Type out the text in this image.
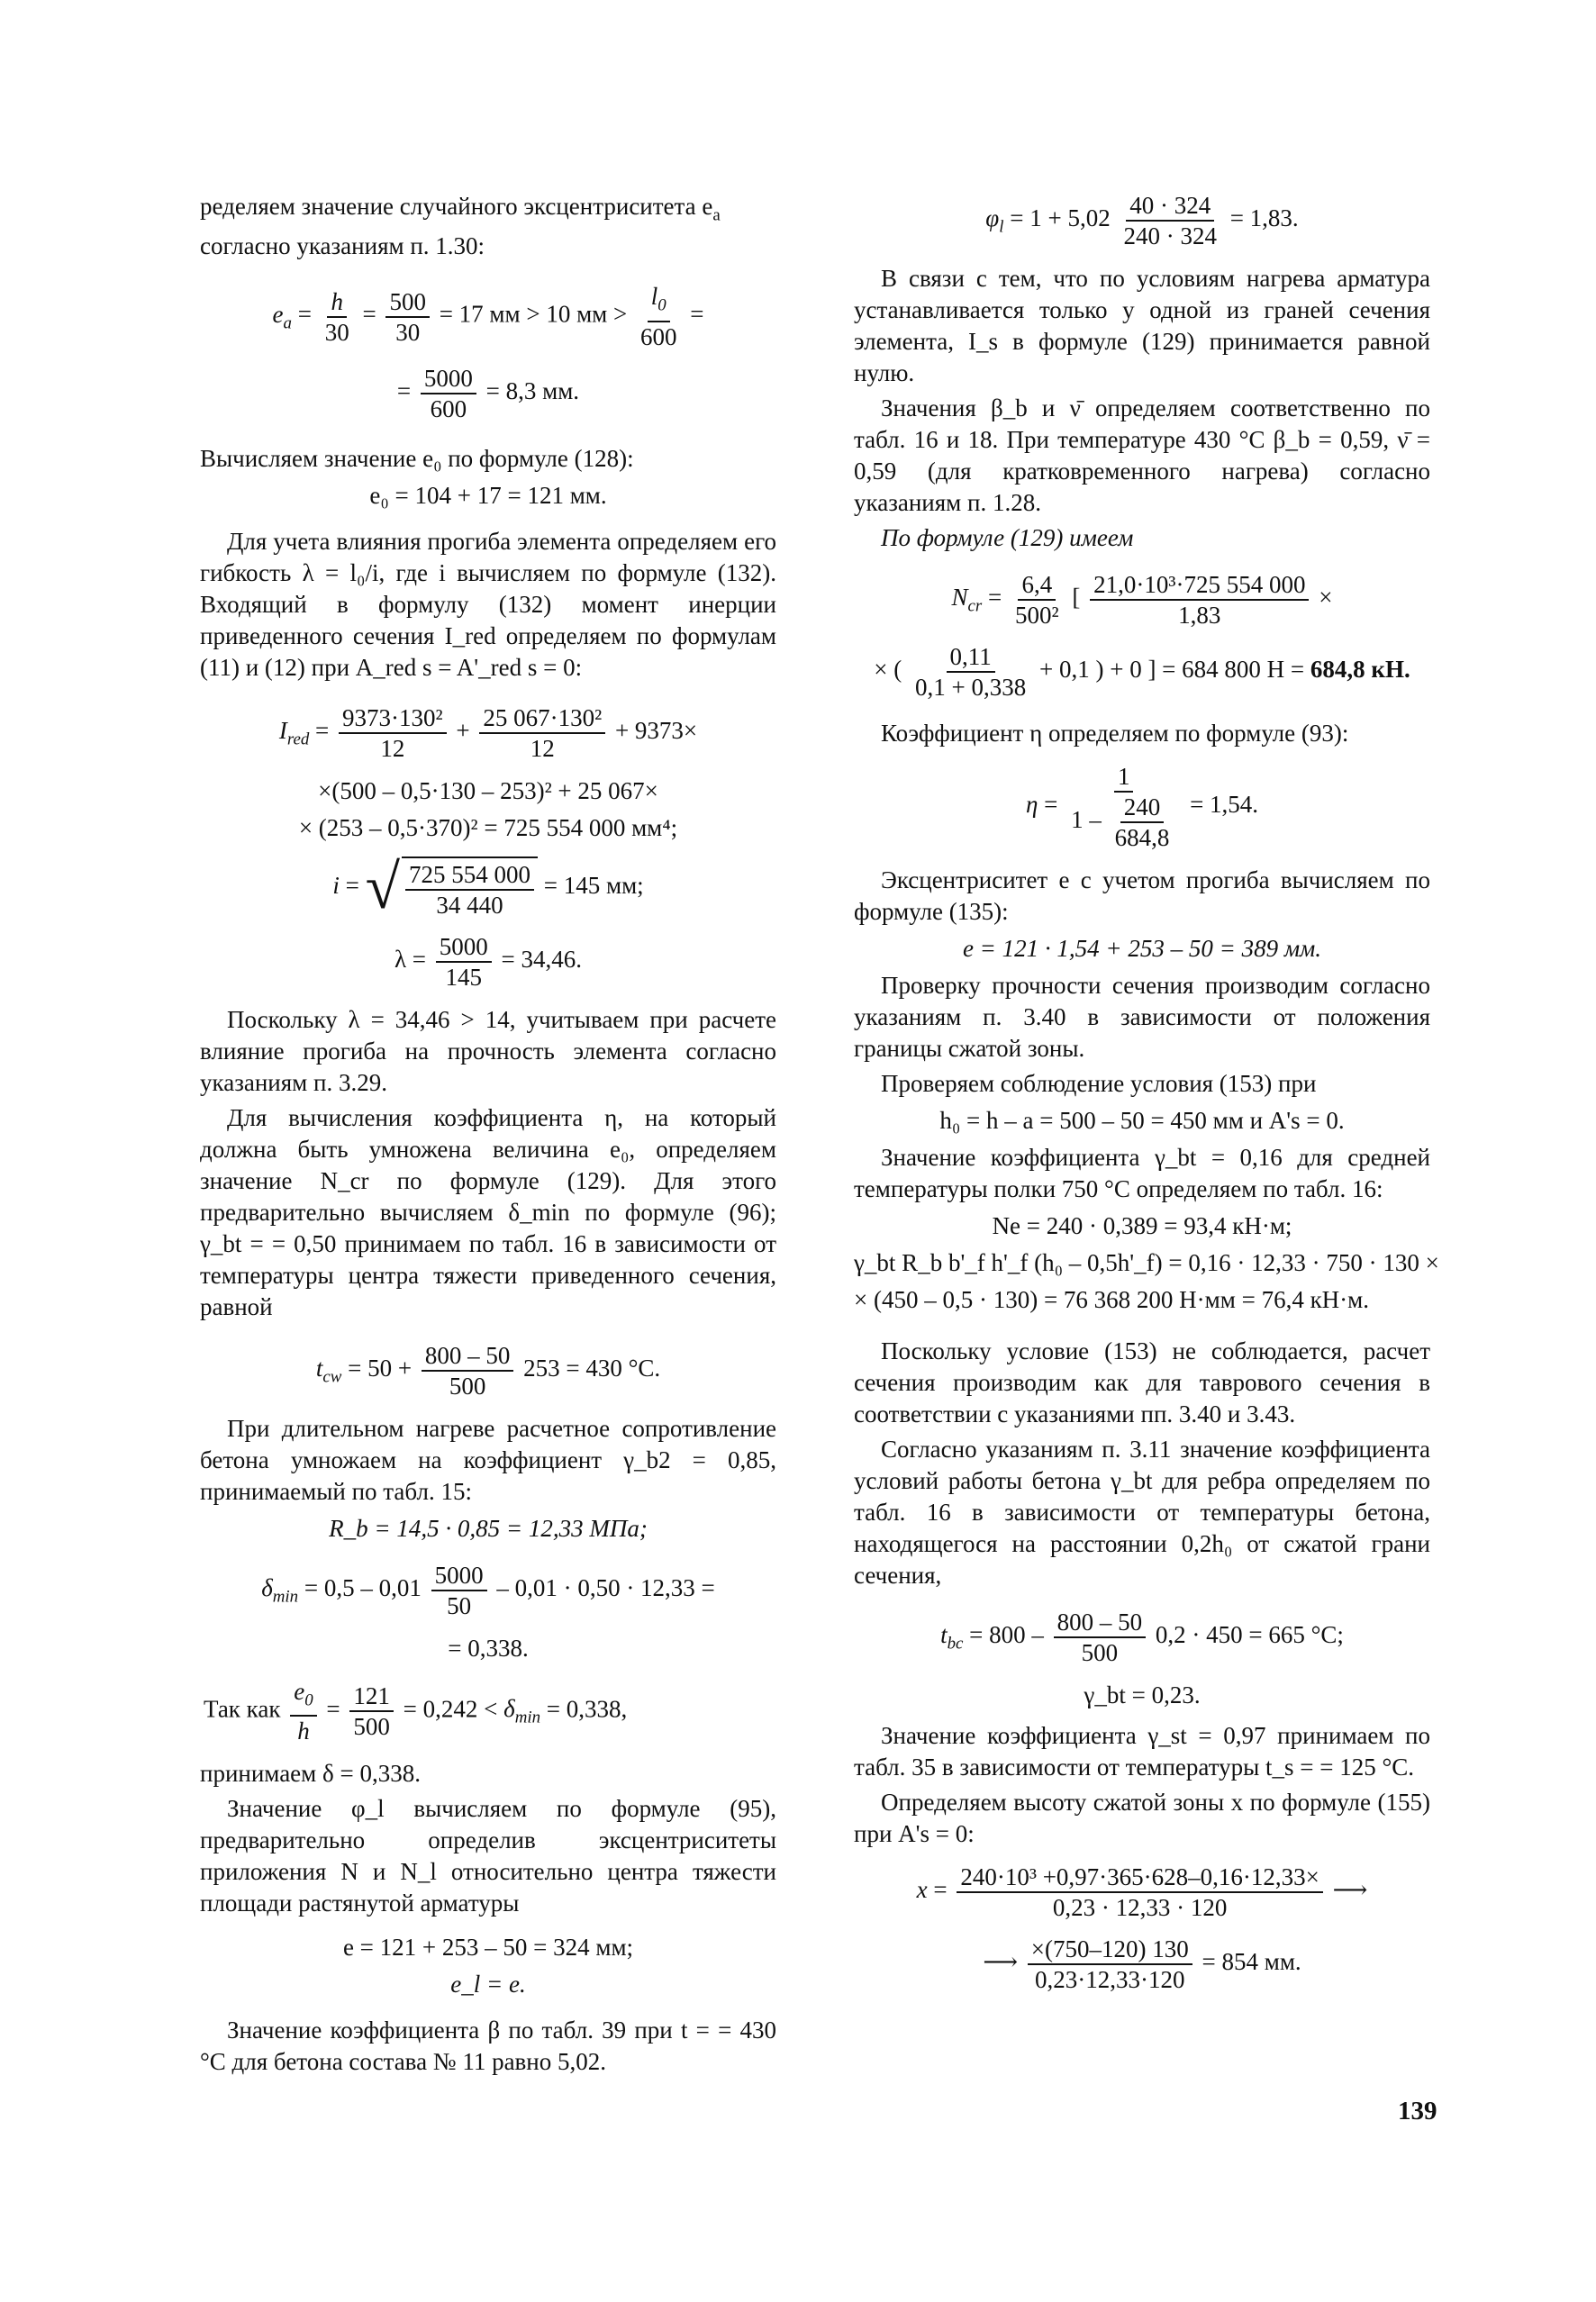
ределяем значение случайного эксцентриситета $e_a$
согласно указаниям п. 1.30:

$e_a = \frac{h}{30} = \frac{500}{30} = 17$ мм > 10 мм > $\frac{l_0}{600}$ =
= $\frac{5000}{600} = 8,3$ мм.

Вычисляем значение e₀ по формуле (128):

e₀ = 104 + 17 = 121 мм.

Для учета влияния прогиба элемента определяем его гибкость λ = l₀/i, где i вычисляем по формуле (132). Входящий в формулу (132) момент инерции приведенного сечения I_red определяем по формулам (11) и (12) при A_red s = A'_red s = 0:

$I_{red} = \frac{\text{9373·130²}}{12} + \frac{\text{25 067·130²}}{12} + 9373\times$
×(500 – 0,5·130 – 253)² + 25 067×
× (253 – 0,5·370)² = 725 554 000 мм⁴;
i = √ $\frac{725 554 000}{34 440} = 145$ мм;
$\lambda = \frac{5000}{145} = 34,46$.

Поскольку λ = 34,46 > 14, учитываем при расчете влияние прогиба на прочность элемента согласно указаниям п. 3.29.

Для вычисления коэффициента η, на который должна быть умножена величина e₀, определяем значение N_cr по формуле (129). Для этого предварительно вычисляем δ_min по формуле (96); γ_bt = = 0,50 принимаем по табл. 16 в зависимости от температуры центра тяжести приведенного сечения, равной

$t_{cw} = 50 + \frac{800 - 50}{500} 253 = 430$ °С.

При длительном нагреве расчетное сопротивление бетона умножаем на коэффициент γ_b2 = 0,85, принимаемый по табл. 15:

R_b = 14,5 · 0,85 = 12,33 МПа;
$\delta_{min} = 0,5 - 0,01 \frac{5000}{50} - 0,01 \cdot 0,50 \cdot 12,33$ =
= 0,338.
Так как $\frac{e_0}{h} = \frac{121}{500} = 0,242 < \delta_{min} = 0,338$,

принимаем δ = 0,338.

Значение φ_l вычисляем по формуле (95), предварительно определив эксцентриситеты приложения N и N_l относительно центра тяжести площади растянутой арматуры

e = 121 + 253 – 50 = 324 мм;
e_l = e.

Значение коэффициента β по табл. 39 при t = = 430 °С для бетона состава № 11 равно 5,02.

$\varphi_l = 1 + 5,02 \frac{40 \cdot 324}{240 \cdot 324} = 1,83$.

В связи с тем, что по условиям нагрева арматура устанавливается только у одной из граней сечения элемента, I_s в формуле (129) принимается равной нулю.

Значения β_b и ν̄ определяем соответственно по табл. 16 и 18. При температуре 430 °С β_b = 0,59, ν̄ = 0,59 (для кратковременного нагрева) согласно указаниям п. 1.28.

По формуле (129) имеем

$N_{cr} = \frac{6,4}{\text{500²}}$ [ $\frac{\text{21,0·10³·725 554 000}}{1,83}$ ×
× ( $\frac{0,11}{0,1 + 0,338} + 0,1$ ) + 0 ] = 684 800 Н = 684,8 кН.

Коэффициент η определяем по формуле (93):

$\eta = \frac{1}{1 - \frac{240}{684,8}} = 1,54$.

Эксцентриситет e с учетом прогиба вычисляем по формуле (135):

e = 121 · 1,54 + 253 – 50 = 389 мм.

Проверку прочности сечения производим согласно указаниям п. 3.40 в зависимости от положения границы сжатой зоны.

Проверяем соблюдение условия (153) при

h₀ = h – a = 500 – 50 = 450 мм и A's = 0.

Значение коэффициента γ_bt = 0,16 для средней температуры полки 750 °С определяем по табл. 16:

Ne = 240 · 0,389 = 93,4 кН·м;
γ_bt R_b b'_f h'_f (h₀ – 0,5h'_f) = 0,16 · 12,33 · 750 · 130 ×
× (450 – 0,5 · 130) = 76 368 200 Н·мм = 76,4 кН·м.

Поскольку условие (153) не соблюдается, расчет сечения производим как для таврового сечения в соответствии с указаниями пп. 3.40 и 3.43.

Согласно указаниям п. 3.11 значение коэффициента условий работы бетона γ_bt для ребра определяем по табл. 16 в зависимости от температуры бетона, находящегося на расстоянии 0,2h₀ от сжатой грани сечения,

$t_{bc} = 800 - \frac{800 - 50}{500} 0,2 \cdot 450 = 665$ °С;
γ_bt = 0,23.

Значение коэффициента γ_st = 0,97 принимаем по табл. 35 в зависимости от температуры t_s = = 125 °С.

Определяем высоту сжатой зоны x по формуле (155) при A's = 0:

$x = \frac{\text{240·10³ +0,97·365·628–0,16·12,33×}}{0,23 \cdot 12,33 \cdot 120}$ ⟶
⟶ $\frac{\times(750-120) 130}{0,23\cdot 12,33\cdot 120} = 854$ мм.
139
